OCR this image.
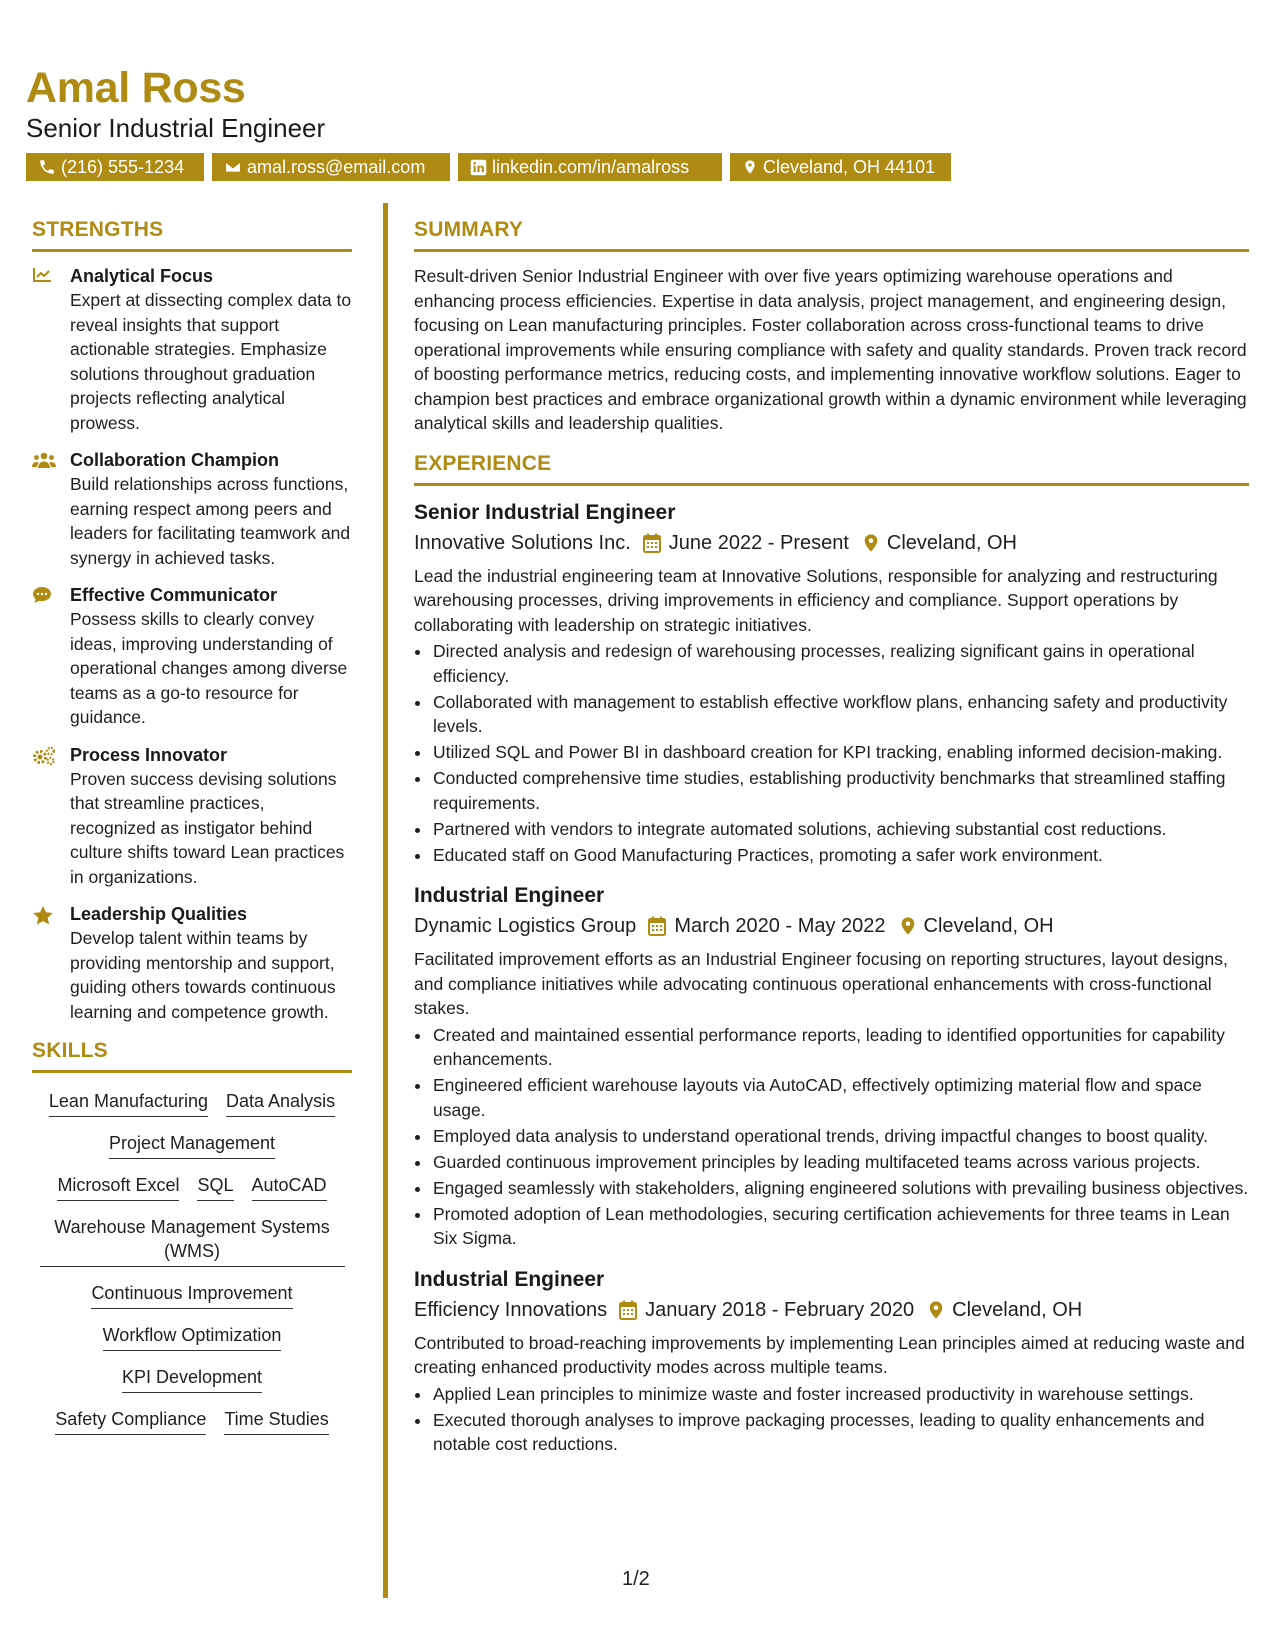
Amal Ross
Senior Industrial Engineer
(216) 555-1234	amal.ross@email.com	linkedin.com/in/amalross	Cleveland, OH 44101
STRENGTHS
Analytical Focus
Expert at dissecting complex data to reveal insights that support actionable strategies. Emphasize solutions throughout graduation projects reflecting analytical prowess.
Collaboration Champion
Build relationships across functions, earning respect among peers and leaders for facilitating teamwork and synergy in achieved tasks.
Effective Communicator
Possess skills to clearly convey ideas, improving understanding of operational changes among diverse teams as a go-to resource for guidance.
Process Innovator
Proven success devising solutions that streamline practices, recognized as instigator behind culture shifts toward Lean practices in organizations.
Leadership Qualities
Develop talent within teams by providing mentorship and support, guiding others towards continuous learning and competence growth.
SKILLS
Lean Manufacturing Data Analysis
Project Management
Microsoft Excel SQL AutoCAD
Warehouse Management Systems (WMS)
Continuous Improvement
Workflow Optimization
KPI Development
Safety Compliance Time Studies
SUMMARY

Result-driven Senior Industrial Engineer with over five years optimizing warehouse operations and enhancing process efficiencies. Expertise in data analysis, project management, and engineering design, focusing on Lean manufacturing principles. Foster collaboration across cross-functional teams to drive operational improvements while ensuring compliance with safety and quality standards. Proven track record of boosting performance metrics, reducing costs, and implementing innovative workflow solutions. Eager to champion best practices and embrace organizational growth within a dynamic environment while leveraging analytical skills and leadership qualities.

EXPERIENCE
Senior Industrial Engineer
Innovative Solutions Inc. June 2022 - Present Cleveland, OH

Lead the industrial engineering team at Innovative Solutions, responsible for analyzing and restructuring warehousing processes, driving improvements in efficiency and compliance. Support operations by collaborating with leadership on strategic initiatives.

• Directed analysis and redesign of warehousing processes, realizing significant gains in operational efficiency.
• Collaborated with management to establish effective workflow plans, enhancing safety and productivity levels.
• Utilized SQL and Power BI in dashboard creation for KPI tracking, enabling informed decision-making.
• Conducted comprehensive time studies, establishing productivity benchmarks that streamlined staffing requirements.
• Partnered with vendors to integrate automated solutions, achieving substantial cost reductions.
• Educated staff on Good Manufacturing Practices, promoting a safer work environment.
Industrial Engineer
Dynamic Logistics Group March 2020 - May 2022 Cleveland, OH

Facilitated improvement efforts as an Industrial Engineer focusing on reporting structures, layout designs, and compliance initiatives while advocating continuous operational enhancements with cross-functional stakes.

• Created and maintained essential performance reports, leading to identified opportunities for capability enhancements.
• Engineered efficient warehouse layouts via AutoCAD, effectively optimizing material flow and space usage.
• Employed data analysis to understand operational trends, driving impactful changes to boost quality.
• Guarded continuous improvement principles by leading multifaceted teams across various projects.
• Engaged seamlessly with stakeholders, aligning engineered solutions with prevailing business objectives.
• Promoted adoption of Lean methodologies, securing certification achievements for three teams in Lean Six Sigma.
Industrial Engineer
Efficiency Innovations January 2018 - February 2020 Cleveland, OH

Contributed to broad-reaching improvements by implementing Lean principles aimed at reducing waste and creating enhanced productivity modes across multiple teams.

• Applied Lean principles to minimize waste and foster increased productivity in warehouse settings.
• Executed thorough analyses to improve packaging processes, leading to quality enhancements and notable cost reductions.
1/2
